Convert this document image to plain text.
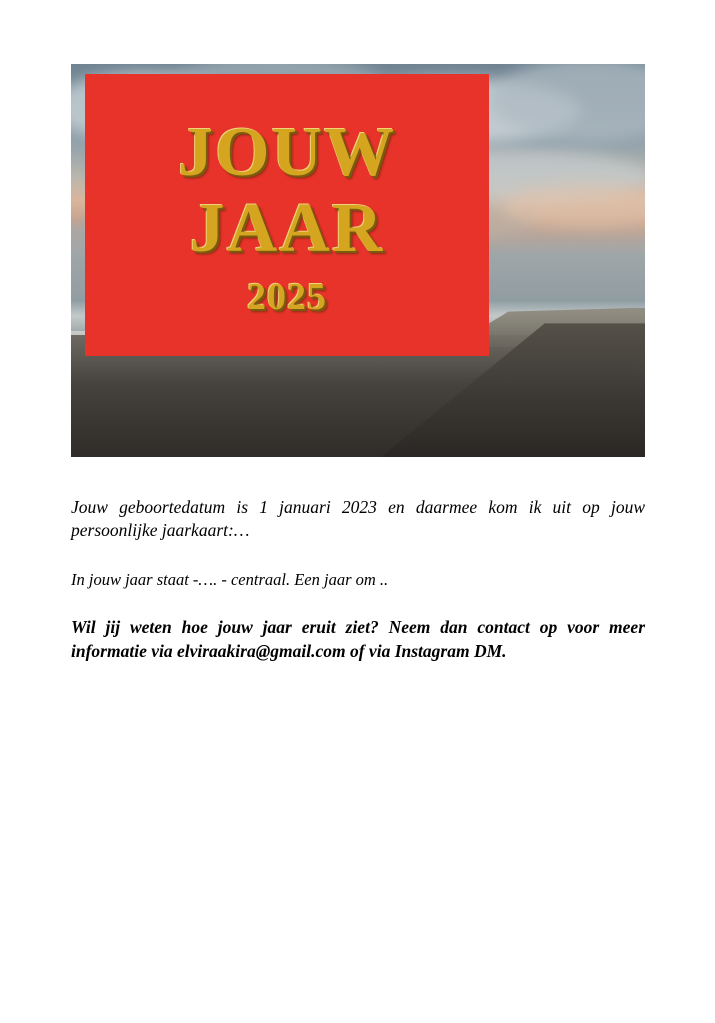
JOUW
JAAR
2025

Jouw geboortedatum is 1 januari 2023 en daarmee kom ik uit op jouw persoonlijke jaarkaart:…

In jouw jaar staat -…. - centraal. Een jaar om ..

Wil jij weten hoe jouw jaar eruit ziet? Neem dan contact op voor meer informatie via elviraakira@gmail.com of via Instagram DM.
